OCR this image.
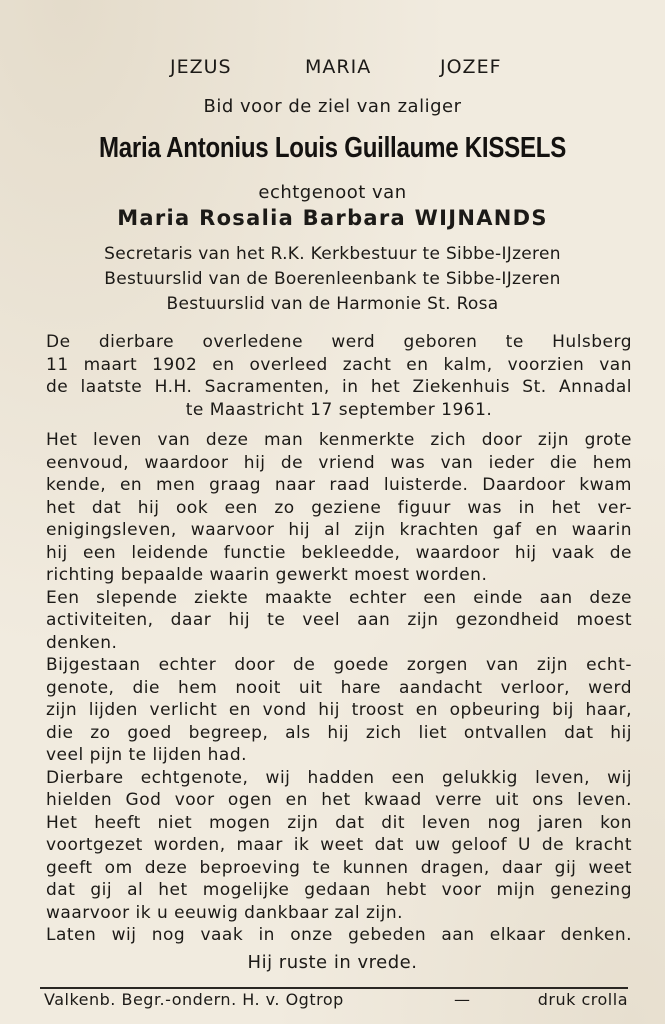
JEZUS	MARIA	JOZEF
Bid voor de ziel van zaliger
Maria Antonius Louis Guillaume KISSELS
echtgenoot van
Maria Rosalia Barbara WIJNANDS
Secretaris van het R.K. Kerkbestuur te Sibbe-IJzeren
Bestuurslid van de Boerenleenbank te Sibbe-IJzeren
Bestuurslid van de Harmonie St. Rosa
De dierbare overledene werd geboren te Hulsberg
11 maart 1902 en overleed zacht en kalm, voorzien van
de laatste H.H. Sacramenten, in het Ziekenhuis St. Annadal
te Maastricht 17 september 1961.
Het leven van deze man kenmerkte zich door zijn grote
eenvoud, waardoor hij de vriend was van ieder die hem
kende, en men graag naar raad luisterde. Daardoor kwam
het dat hij ook een zo geziene figuur was in het ver-
enigingsleven, waarvoor hij al zijn krachten gaf en waarin
hij een leidende functie bekleedde, waardoor hij vaak de
richting bepaalde waarin gewerkt moest worden.
Een slepende ziekte maakte echter een einde aan deze
activiteiten, daar hij te veel aan zijn gezondheid moest
denken.
Bijgestaan echter door de goede zorgen van zijn echt-
genote, die hem nooit uit hare aandacht verloor, werd
zijn lijden verlicht en vond hij troost en opbeuring bij haar,
die zo goed begreep, als hij zich liet ontvallen dat hij
veel pijn te lijden had.
Dierbare echtgenote, wij hadden een gelukkig leven, wij
hielden God voor ogen en het kwaad verre uit ons leven.
Het heeft niet mogen zijn dat dit leven nog jaren kon
voortgezet worden, maar ik weet dat uw geloof U de kracht
geeft om deze beproeving te kunnen dragen, daar gij weet
dat gij al het mogelijke gedaan hebt voor mijn genezing
waarvoor ik u eeuwig dankbaar zal zijn.
Laten wij nog vaak in onze gebeden aan elkaar denken.
Hij ruste in vrede.
Valkenb. Begr.-ondern. H. v. Ogtrop	—	druk crolla
